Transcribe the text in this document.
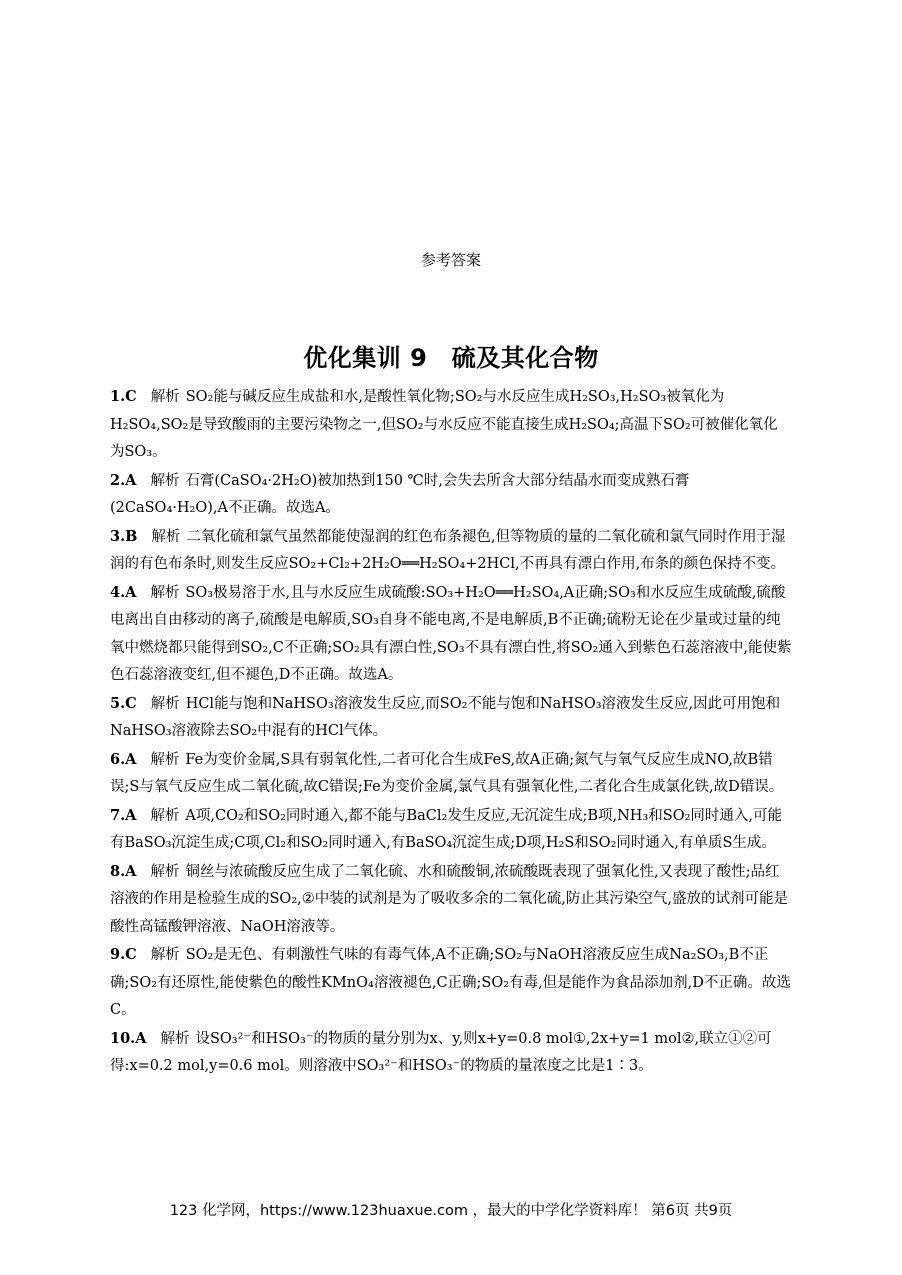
参考答案
优化集训 9　硫及其化合物

1.C 解析 SO₂能与碱反应生成盐和水,是酸性氧化物;SO₂与水反应生成H₂SO₃,H₂SO₃被氧化为H₂SO₄,SO₂是导致酸雨的主要污染物之一,但SO₂与水反应不能直接生成H₂SO₄;高温下SO₂可被催化氧化为SO₃。

2.A 解析 石膏(CaSO₄·2H₂O)被加热到150 ℃时,会失去所含大部分结晶水而变成熟石膏(2CaSO₄·H₂O),A不正确。故选A。

3.B 解析 二氧化硫和氯气虽然都能使湿润的红色布条褪色,但等物质的量的二氧化硫和氯气同时作用于湿润的有色布条时,则发生反应SO₂+Cl₂+2H₂O══H₂SO₄+2HCl,不再具有漂白作用,布条的颜色保持不变。

4.A 解析 SO₃极易溶于水,且与水反应生成硫酸:SO₃+H₂O══H₂SO₄,A正确;SO₃和水反应生成硫酸,硫酸电离出自由移动的离子,硫酸是电解质,SO₃自身不能电离,不是电解质,B不正确;硫粉无论在少量或过量的纯氧中燃烧都只能得到SO₂,C不正确;SO₂具有漂白性,SO₃不具有漂白性,将SO₂通入到紫色石蕊溶液中,能使紫色石蕊溶液变红,但不褪色,D不正确。故选A。

5.C 解析 HCl能与饱和NaHSO₃溶液发生反应,而SO₂不能与饱和NaHSO₃溶液发生反应,因此可用饱和NaHSO₃溶液除去SO₂中混有的HCl气体。

6.A 解析 Fe为变价金属,S具有弱氧化性,二者可化合生成FeS,故A正确;氮气与氧气反应生成NO,故B错误;S与氧气反应生成二氧化硫,故C错误;Fe为变价金属,氯气具有强氧化性,二者化合生成氯化铁,故D错误。

7.A 解析 A项,CO₂和SO₂同时通入,都不能与BaCl₂发生反应,无沉淀生成;B项,NH₃和SO₂同时通入,可能有BaSO₃沉淀生成;C项,Cl₂和SO₂同时通入,有BaSO₄沉淀生成;D项,H₂S和SO₂同时通入,有单质S生成。

8.A 解析 铜丝与浓硫酸反应生成了二氧化硫、水和硫酸铜,浓硫酸既表现了强氧化性,又表现了酸性;品红溶液的作用是检验生成的SO₂,②中装的试剂是为了吸收多余的二氧化硫,防止其污染空气,盛放的试剂可能是酸性高锰酸钾溶液、NaOH溶液等。

9.C 解析 SO₂是无色、有刺激性气味的有毒气体,A不正确;SO₂与NaOH溶液反应生成Na₂SO₃,B不正确;SO₂有还原性,能使紫色的酸性KMnO₄溶液褪色,C正确;SO₂有毒,但是能作为食品添加剂,D不正确。故选C。

10.A 解析 设SO₃²⁻和HSO₃⁻的物质的量分别为x、y,则x+y=0.8 mol①,2x+y=1 mol②,联立①②可得:x=0.2 mol,y=0.6 mol。则溶液中SO₃²⁻和HSO₃⁻的物质的量浓度之比是1∶3。

123 化学网，https://www.123huaxue.com ，最大的中学化学资料库！ 第6页 共9页
